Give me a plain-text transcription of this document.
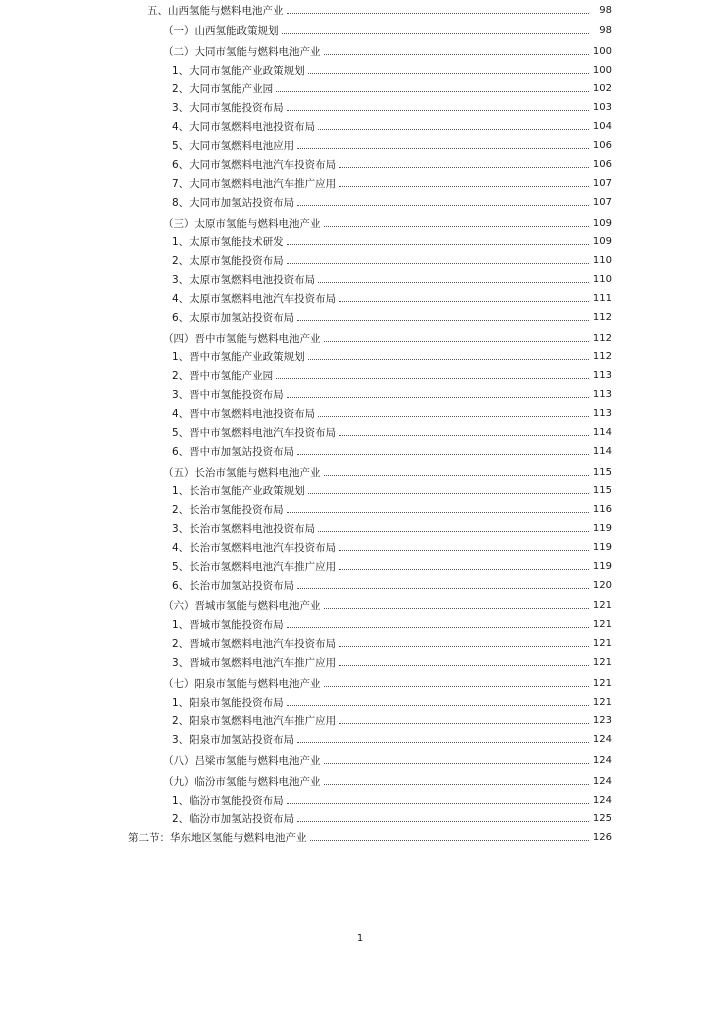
五、山西氢能与燃料电池产业	98
（一）山西氢能政策规划	98
（二）大同市氢能与燃料电池产业	100
1、大同市氢能产业政策规划	100
2、大同市氢能产业园	102
3、大同市氢能投资布局	103
4、大同市氢燃料电池投资布局	104
5、大同市氢燃料电池应用	106
6、大同市氢燃料电池汽车投资布局	106
7、大同市氢燃料电池汽车推广应用	107
8、大同市加氢站投资布局	107
（三）太原市氢能与燃料电池产业	109
1、太原市氢能技术研发	109
2、太原市氢能投资布局	110
3、太原市氢燃料电池投资布局	110
4、太原市氢燃料电池汽车投资布局	111
6、太原市加氢站投资布局	112
（四）晋中市氢能与燃料电池产业	112
1、晋中市氢能产业政策规划	112
2、晋中市氢能产业园	113
3、晋中市氢能投资布局	113
4、晋中市氢燃料电池投资布局	113
5、晋中市氢燃料电池汽车投资布局	114
6、晋中市加氢站投资布局	114
（五）长治市氢能与燃料电池产业	115
1、长治市氢能产业政策规划	115
2、长治市氢能投资布局	116
3、长治市氢燃料电池投资布局	119
4、长治市氢燃料电池汽车投资布局	119
5、长治市氢燃料电池汽车推广应用	119
6、长治市加氢站投资布局	120
（六）晋城市氢能与燃料电池产业	121
1、晋城市氢能投资布局	121
2、晋城市氢燃料电池汽车投资布局	121
3、晋城市氢燃料电池汽车推广应用	121
（七）阳泉市氢能与燃料电池产业	121
1、阳泉市氢能投资布局	121
2、阳泉市氢燃料电池汽车推广应用	123
3、阳泉市加氢站投资布局	124
（八）吕梁市氢能与燃料电池产业	124
（九）临汾市氢能与燃料电池产业	124
1、临汾市氢能投资布局	124
2、临汾市加氢站投资布局	125
第二节：华东地区氢能与燃料电池产业	126
1
